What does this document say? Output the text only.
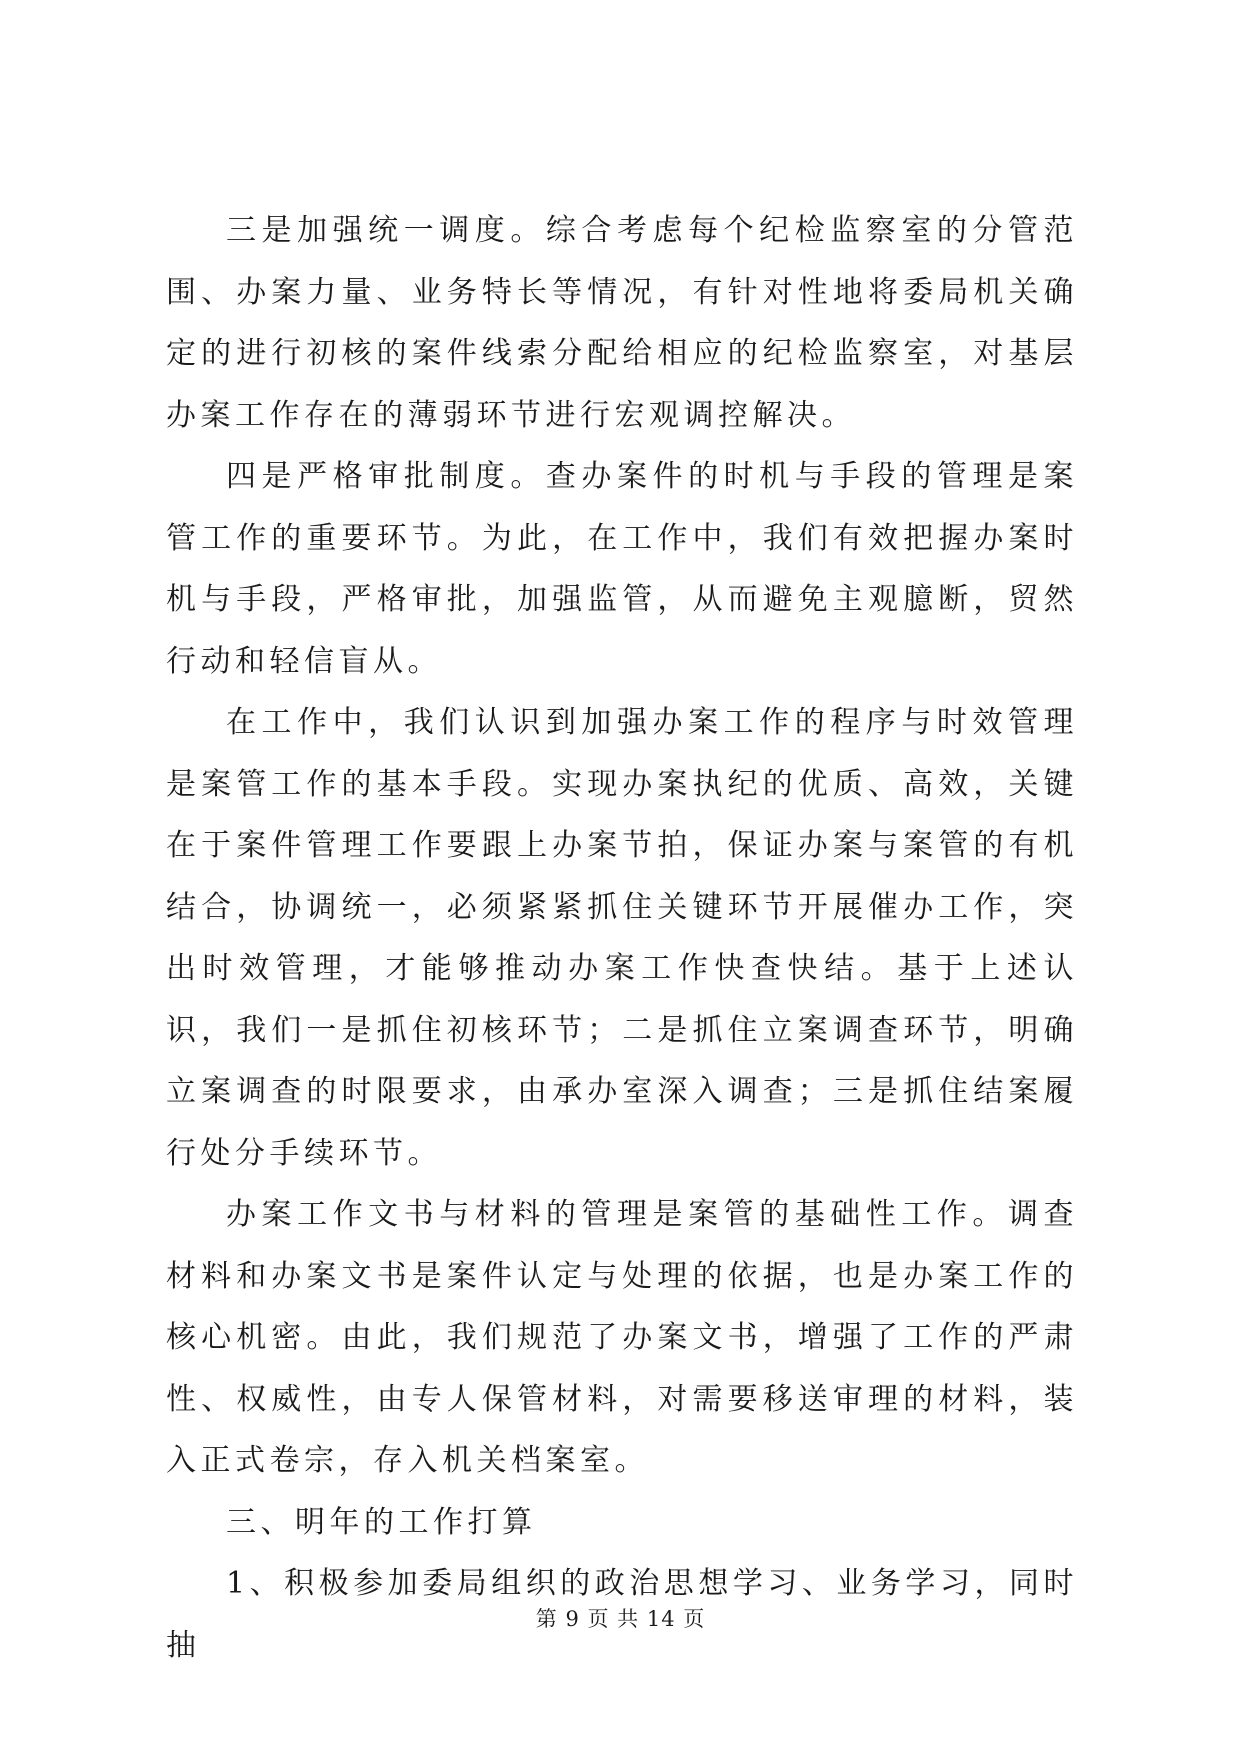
三是加强统一调度。综合考虑每个纪检监察室的分管范围、办案力量、业务特长等情况，有针对性地将委局机关确定的进行初核的案件线索分配给相应的纪检监察室，对基层办案工作存在的薄弱环节进行宏观调控解决。

四是严格审批制度。查办案件的时机与手段的管理是案管工作的重要环节。为此，在工作中，我们有效把握办案时机与手段，严格审批，加强监管，从而避免主观臆断，贸然行动和轻信盲从。

在工作中，我们认识到加强办案工作的程序与时效管理是案管工作的基本手段。实现办案执纪的优质、高效，关键在于案件管理工作要跟上办案节拍，保证办案与案管的有机结合，协调统一，必须紧紧抓住关键环节开展催办工作，突出时效管理，才能够推动办案工作快查快结。基于上述认识，我们一是抓住初核环节；二是抓住立案调查环节，明确立案调查的时限要求，由承办室深入调查；三是抓住结案履行处分手续环节。

办案工作文书与材料的管理是案管的基础性工作。调查材料和办案文书是案件认定与处理的依据，也是办案工作的核心机密。由此，我们规范了办案文书，增强了工作的严肃性、权威性，由专人保管材料，对需要移送审理的材料，装入正式卷宗，存入机关档案室。

三、明年的工作打算

1、积极参加委局组织的政治思想学习、业务学习，同时抽

第 9 页 共 14 页
